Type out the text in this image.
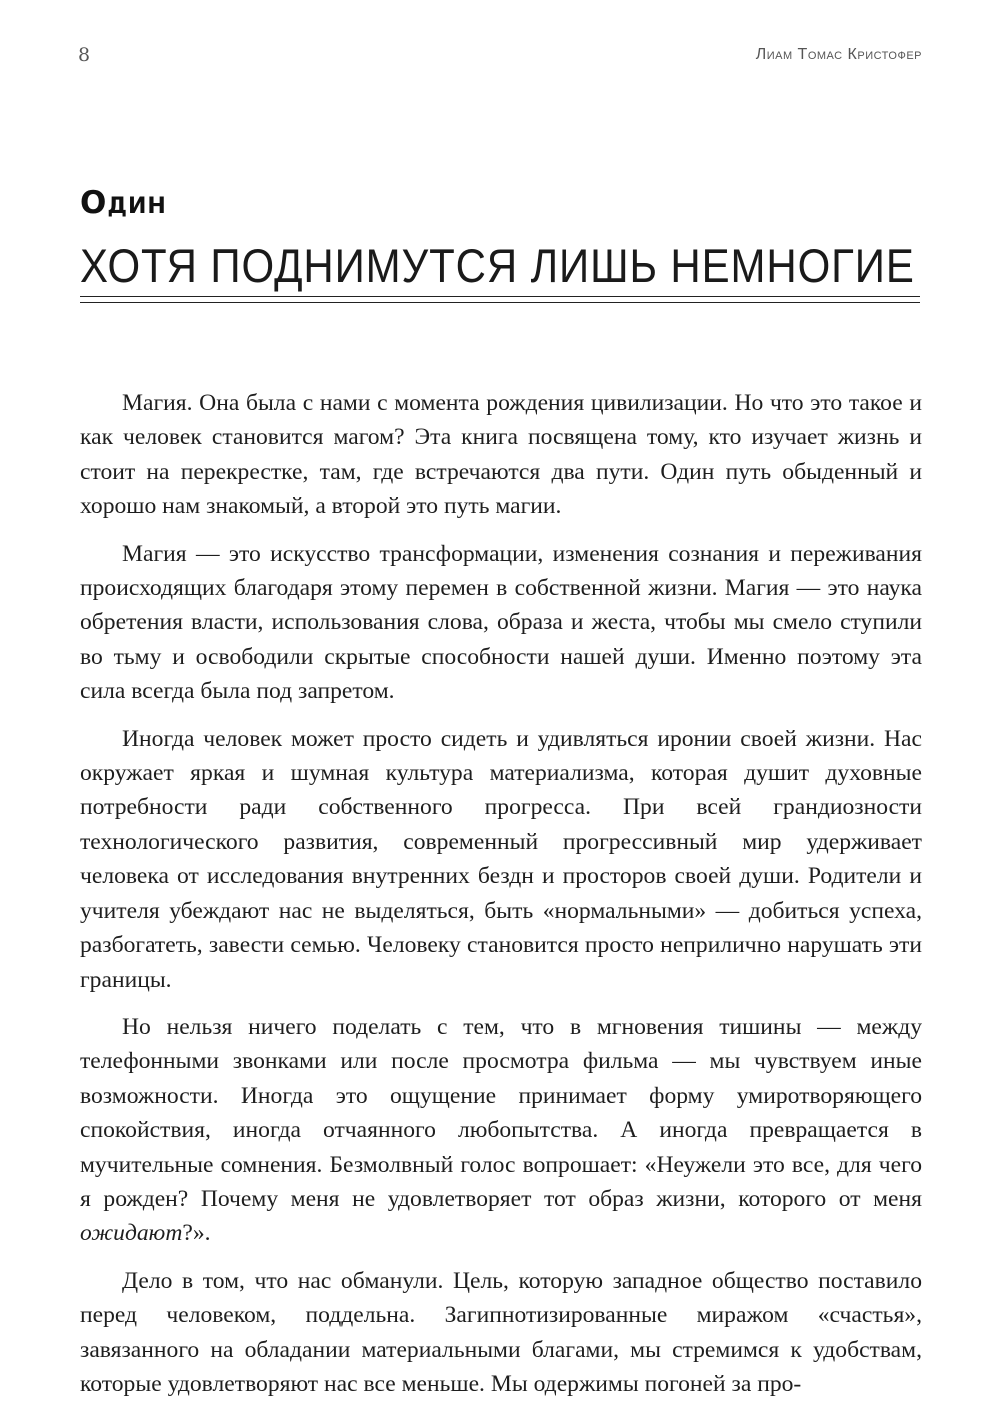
8	Лиам Томас Кристофер
Один
ХОТЯ ПОДНИМУТСЯ ЛИШЬ НЕМНОГИЕ

Магия. Она была с нами с момента рождения цивилизации. Но что это такое и как человек становится магом? Эта книга посвящена тому, кто изучает жизнь и стоит на перекрестке, там, где встречаются два пути. Один путь обыденный и хорошо нам знакомый, а второй это путь магии.

Магия — это искусство трансформации, изменения сознания и переживания происходящих благодаря этому перемен в собственной жизни. Магия — это наука обретения власти, использования слова, образа и жеста, чтобы мы смело ступили во тьму и освободили скрытые способности нашей души. Именно поэтому эта сила всегда была под запретом.

Иногда человек может просто сидеть и удивляться иронии своей жизни. Нас окружает яркая и шумная культура материализма, которая душит духовные потребности ради собственного прогресса. При всей грандиозности технологического развития, современный прогрессивный мир удерживает человека от исследования внутренних бездн и просторов своей души. Родители и учителя убеждают нас не выделяться, быть «нормальными» — добиться успеха, разбогатеть, завести семью. Человеку становится просто неприлично нарушать эти границы.

Но нельзя ничего поделать с тем, что в мгновения тишины — между телефонными звонками или после просмотра фильма — мы чувствуем иные возможности. Иногда это ощущение принимает форму умиротворяющего спокойствия, иногда отчаянного любопытства. А иногда превращается в мучительные сомнения. Безмолвный голос вопрошает: «Неужели это все, для чего я рожден? Почему меня не удовлетворяет тот образ жизни, которого от меня ожидают?».

Дело в том, что нас обманули. Цель, которую западное общество поставило перед человеком, поддельна. Загипнотизированные миражом «счастья», завязанного на обладании материальными благами, мы стремимся к удобствам, которые удовлетворяют нас все меньше. Мы одержимы погоней за про-
